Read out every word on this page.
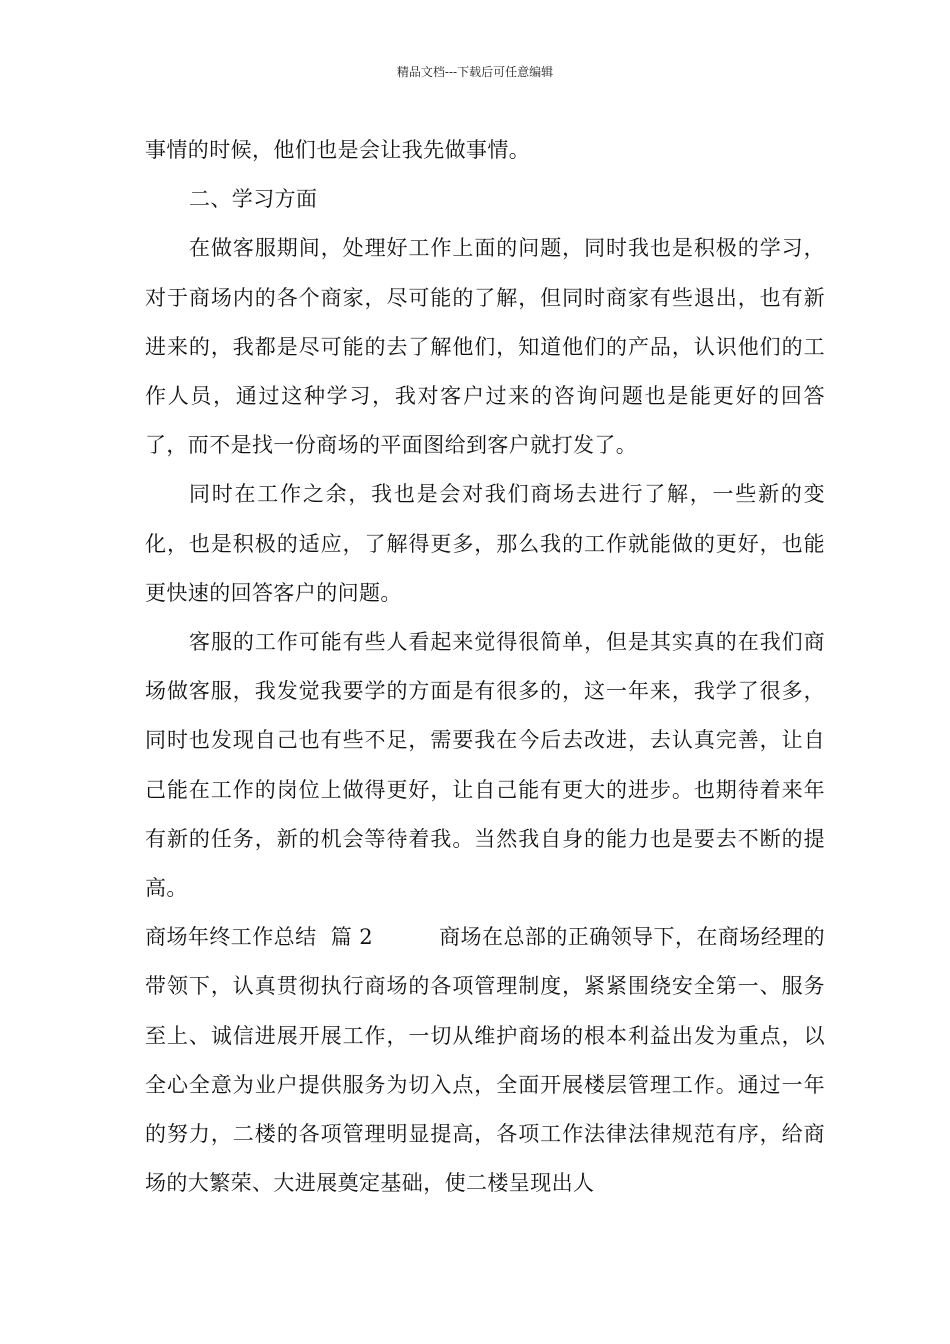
精品文档---下载后可任意编辑

事情的时候，他们也是会让我先做事情。

二、学习方面

在做客服期间，处理好工作上面的问题，同时我也是积极的学习，对于商场内的各个商家，尽可能的了解，但同时商家有些退出，也有新进来的，我都是尽可能的去了解他们，知道他们的产品，认识他们的工作人员，通过这种学习，我对客户过来的咨询问题也是能更好的回答了，而不是找一份商场的平面图给到客户就打发了。

同时在工作之余，我也是会对我们商场去进行了解，一些新的变化，也是积极的适应，了解得更多，那么我的工作就能做的更好，也能更快速的回答客户的问题。

客服的工作可能有些人看起来觉得很简单，但是其实真的在我们商场做客服，我发觉我要学的方面是有很多的，这一年来，我学了很多，同时也发现自己也有些不足，需要我在今后去改进，去认真完善，让自己能在工作的岗位上做得更好，让自己能有更大的进步。也期待着来年有新的任务，新的机会等待着我。当然我自身的能力也是要去不断的提高。

商场年终工作总结  篇 2	商场在总部的正确领导下，在商场经理的带领下，认真贯彻执行商场的各项管理制度，紧紧围绕安全第一、服务至上、诚信进展开展工作，一切从维护商场的根本利益出发为重点，以全心全意为业户提供服务为切入点，全面开展楼层管理工作。通过一年的努力，二楼的各项管理明显提高，各项工作法律法律规范有序，给商场的大繁荣、大进展奠定基础，使二楼呈现出人
